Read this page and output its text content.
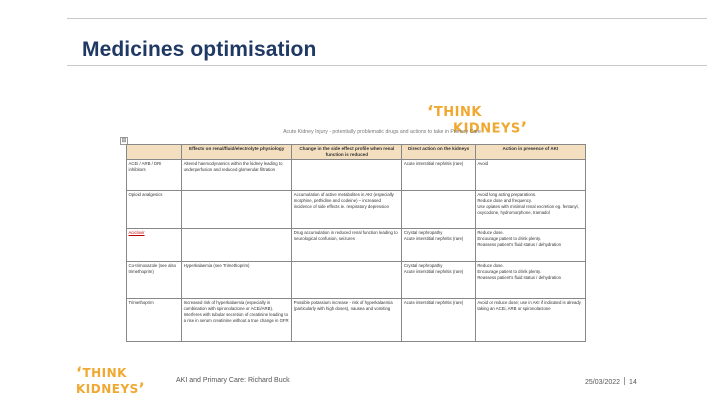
Medicines optimisation
‘THINK
KIDNEYS’
Acute Kidney Injury - potentially problematic drugs and actions to take in Primary Care
⊞
	Effects on renal/fluid/electrolyte physiology	Change in the side effect profile when renal function is reduced	Direct action on the kidneys	Action in presence of AKI
ACEi / ARB / DRI inhibitors	Altered haemodynamics within the kidney leading to underperfusion and reduced glomerular filtration		Acute interstitial nephritis (rare)	Avoid

Opioid analgesics		Accumulation of active metabolites in AKI (especially morphine, pethidine and codeine) – increased incidence of side effects ie. respiratory depression		Avoid long acting preparations.
Reduce dose and frequency.
Use opiates with minimal renal excretion eg. fentanyl, oxycodone, hydromorphone, tramadol

Aciclovir		Drug accumulation in reduced renal function leading to neurological confusion, seizures	Crystal nephropathy
Acute interstitial nephritis (rare)	Reduce dose.
Encourage patient to drink plenty.
Reassess patient's fluid status / dehydration

Co-trimoxazole (see also trimethoprim)	Hyperkalaemia (see Trimethoprim)		Crystal nephropathy
Acute interstitial nephritis (rare)	Reduce dose.
Encourage patient to drink plenty.
Reassess patient's fluid status / dehydration

Trimethoprim	Increased risk of hyperkalaemia (especially in combination with spironolactone or ACEi/ARB).
Interferes with tubular secretion of creatinine leading to a rise in serum creatinine without a true change in GFR	Possible potassium increase - risk of hyperkalaemia (particularly with high doses), nausea and vomiting	Acute interstitial nephritis (rare)	Avoid or reduce dose; use in AKI if indicated is already taking an ACEi, ARB or spironolactone
‘THINK
KIDNEYS’	AKI and Primary Care: Richard Buck	25/03/2022 14
